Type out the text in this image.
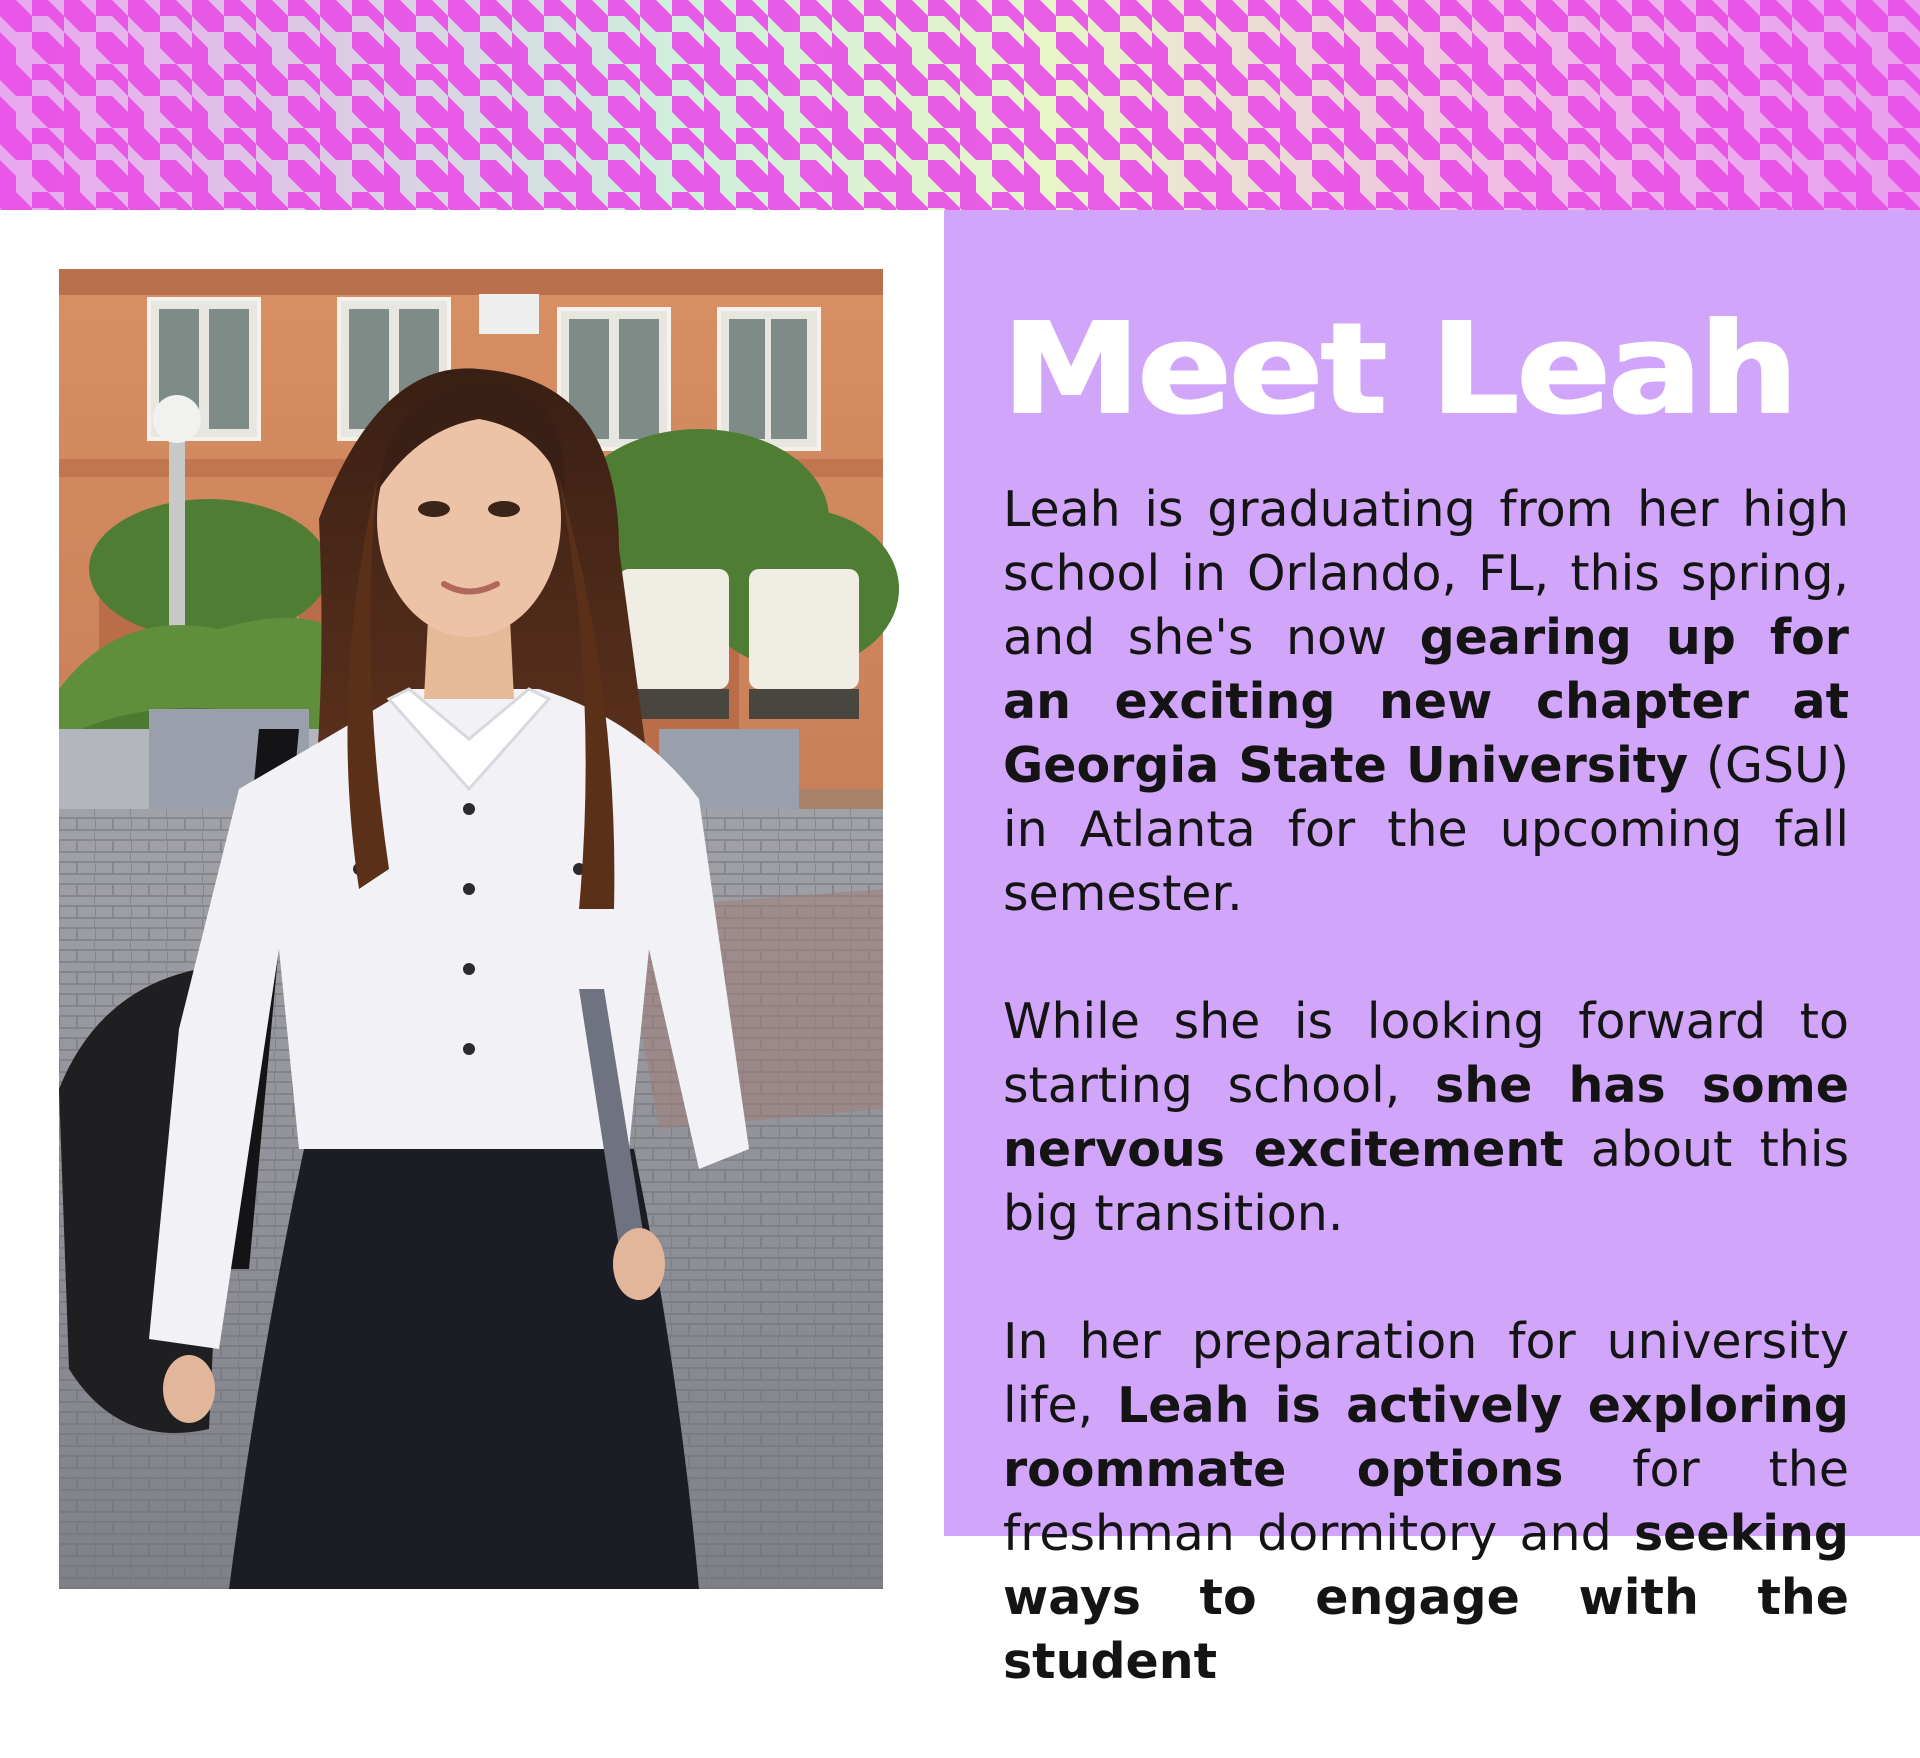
Meet Leah

Leah is graduating from her high school in Orlando, FL, this spring, and she's now gearing up for an exciting new chapter at Georgia State University (GSU) in Atlanta for the upcoming fall semester.

While she is looking forward to starting school, she has some nervous excitement about this big transition.

In her preparation for university life, Leah is actively exploring roommate options for the freshman dormitory and seeking ways to engage with the student
